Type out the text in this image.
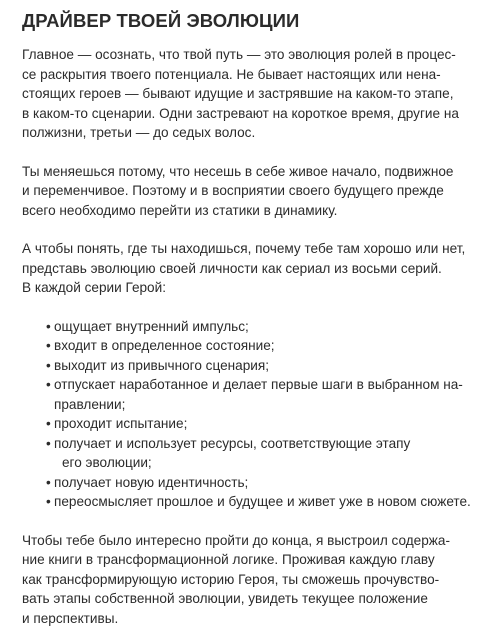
ДРАЙВЕР ТВОЕЙ ЭВОЛЮЦИИ

Главное — осознать, что твой путь — это эволюция ролей в процес-
се раскрытия твоего потенциала. Не бывает настоящих или нена-
стоящих героев — бывают идущие и застрявшие на каком-то этапе,
в каком-то сценарии. Одни застревают на короткое время, другие на
полжизни, третьи — до седых волос.

Ты меняешься потому, что несешь в себе живое начало, подвижное
и переменчивое. Поэтому и в восприятии своего будущего прежде
всего необходимо перейти из статики в динамику.

А чтобы понять, где ты находишься, почему тебе там хорошо или нет,
представь эволюцию своей личности как сериал из восьми серий.
В каждой серии Герой:

• ощущает внутренний импульс;
• входит в определенное состояние;
• выходит из привычного сценария;
• отпускает наработанное и делает первые шаги в выбранном на-
правлении;
• проходит испытание;
• получает и использует ресурсы, соответствующие этапу
его эволюции;
• получает новую идентичность;
• переосмысляет прошлое и будущее и живет уже в новом сюжете.

Чтобы тебе было интересно пройти до конца, я выстроил содержа-
ние книги в трансформационной логике. Проживая каждую главу
как трансформирующую историю Героя, ты сможешь прочувство-
вать этапы собственной эволюции, увидеть текущее положение
и перспективы.
